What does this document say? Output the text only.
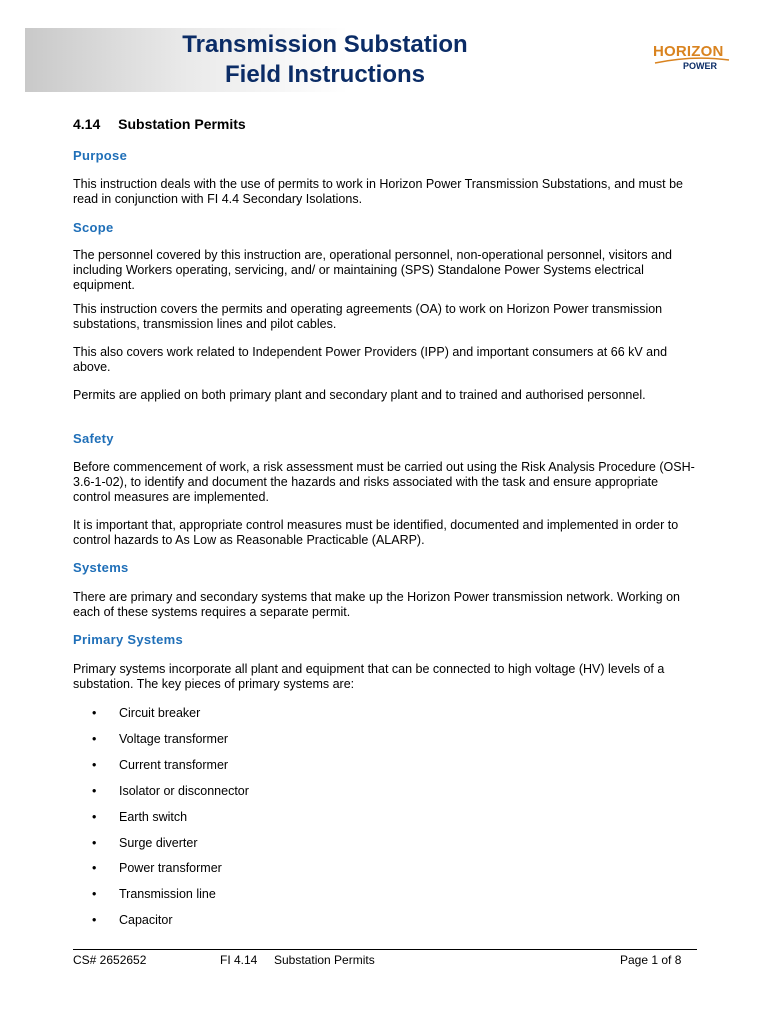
Transmission Substation
Field Instructions
HORIZON
POWER
4.14  Substation Permits
Purpose
This instruction deals with the use of permits to work in Horizon Power Transmission Substations, and must be read in conjunction with FI 4.4 Secondary Isolations.
Scope
The personnel covered by this instruction are, operational personnel, non-operational personnel, visitors and including Workers operating, servicing, and/ or maintaining (SPS) Standalone Power Systems electrical equipment.
This instruction covers the permits and operating agreements (OA) to work on Horizon Power transmission substations, transmission lines and pilot cables.
This also covers work related to Independent Power Providers (IPP) and important consumers at 66 kV and above.
Permits are applied on both primary plant and secondary plant and to trained and authorised personnel.
Safety
Before commencement of work, a risk assessment must be carried out using the Risk Analysis Procedure (OSH-3.6-1-02), to identify and document the hazards and risks associated with the task and ensure appropriate control measures are implemented.
It is important that, appropriate control measures must be identified, documented and implemented in order to control hazards to As Low as Reasonable Practicable (ALARP).
Systems
There are primary and secondary systems that make up the Horizon Power transmission network. Working on each of these systems requires a separate permit.
Primary Systems
Primary systems incorporate all plant and equipment that can be connected to high voltage (HV) levels of a substation. The key pieces of primary systems are:
• Circuit breaker
• Voltage transformer
• Current transformer
• Isolator or disconnector
• Earth switch
• Surge diverter
• Power transformer
• Transmission line
• Capacitor
CS# 2652652	FI 4.14 Substation Permits	Page 1 of 8
